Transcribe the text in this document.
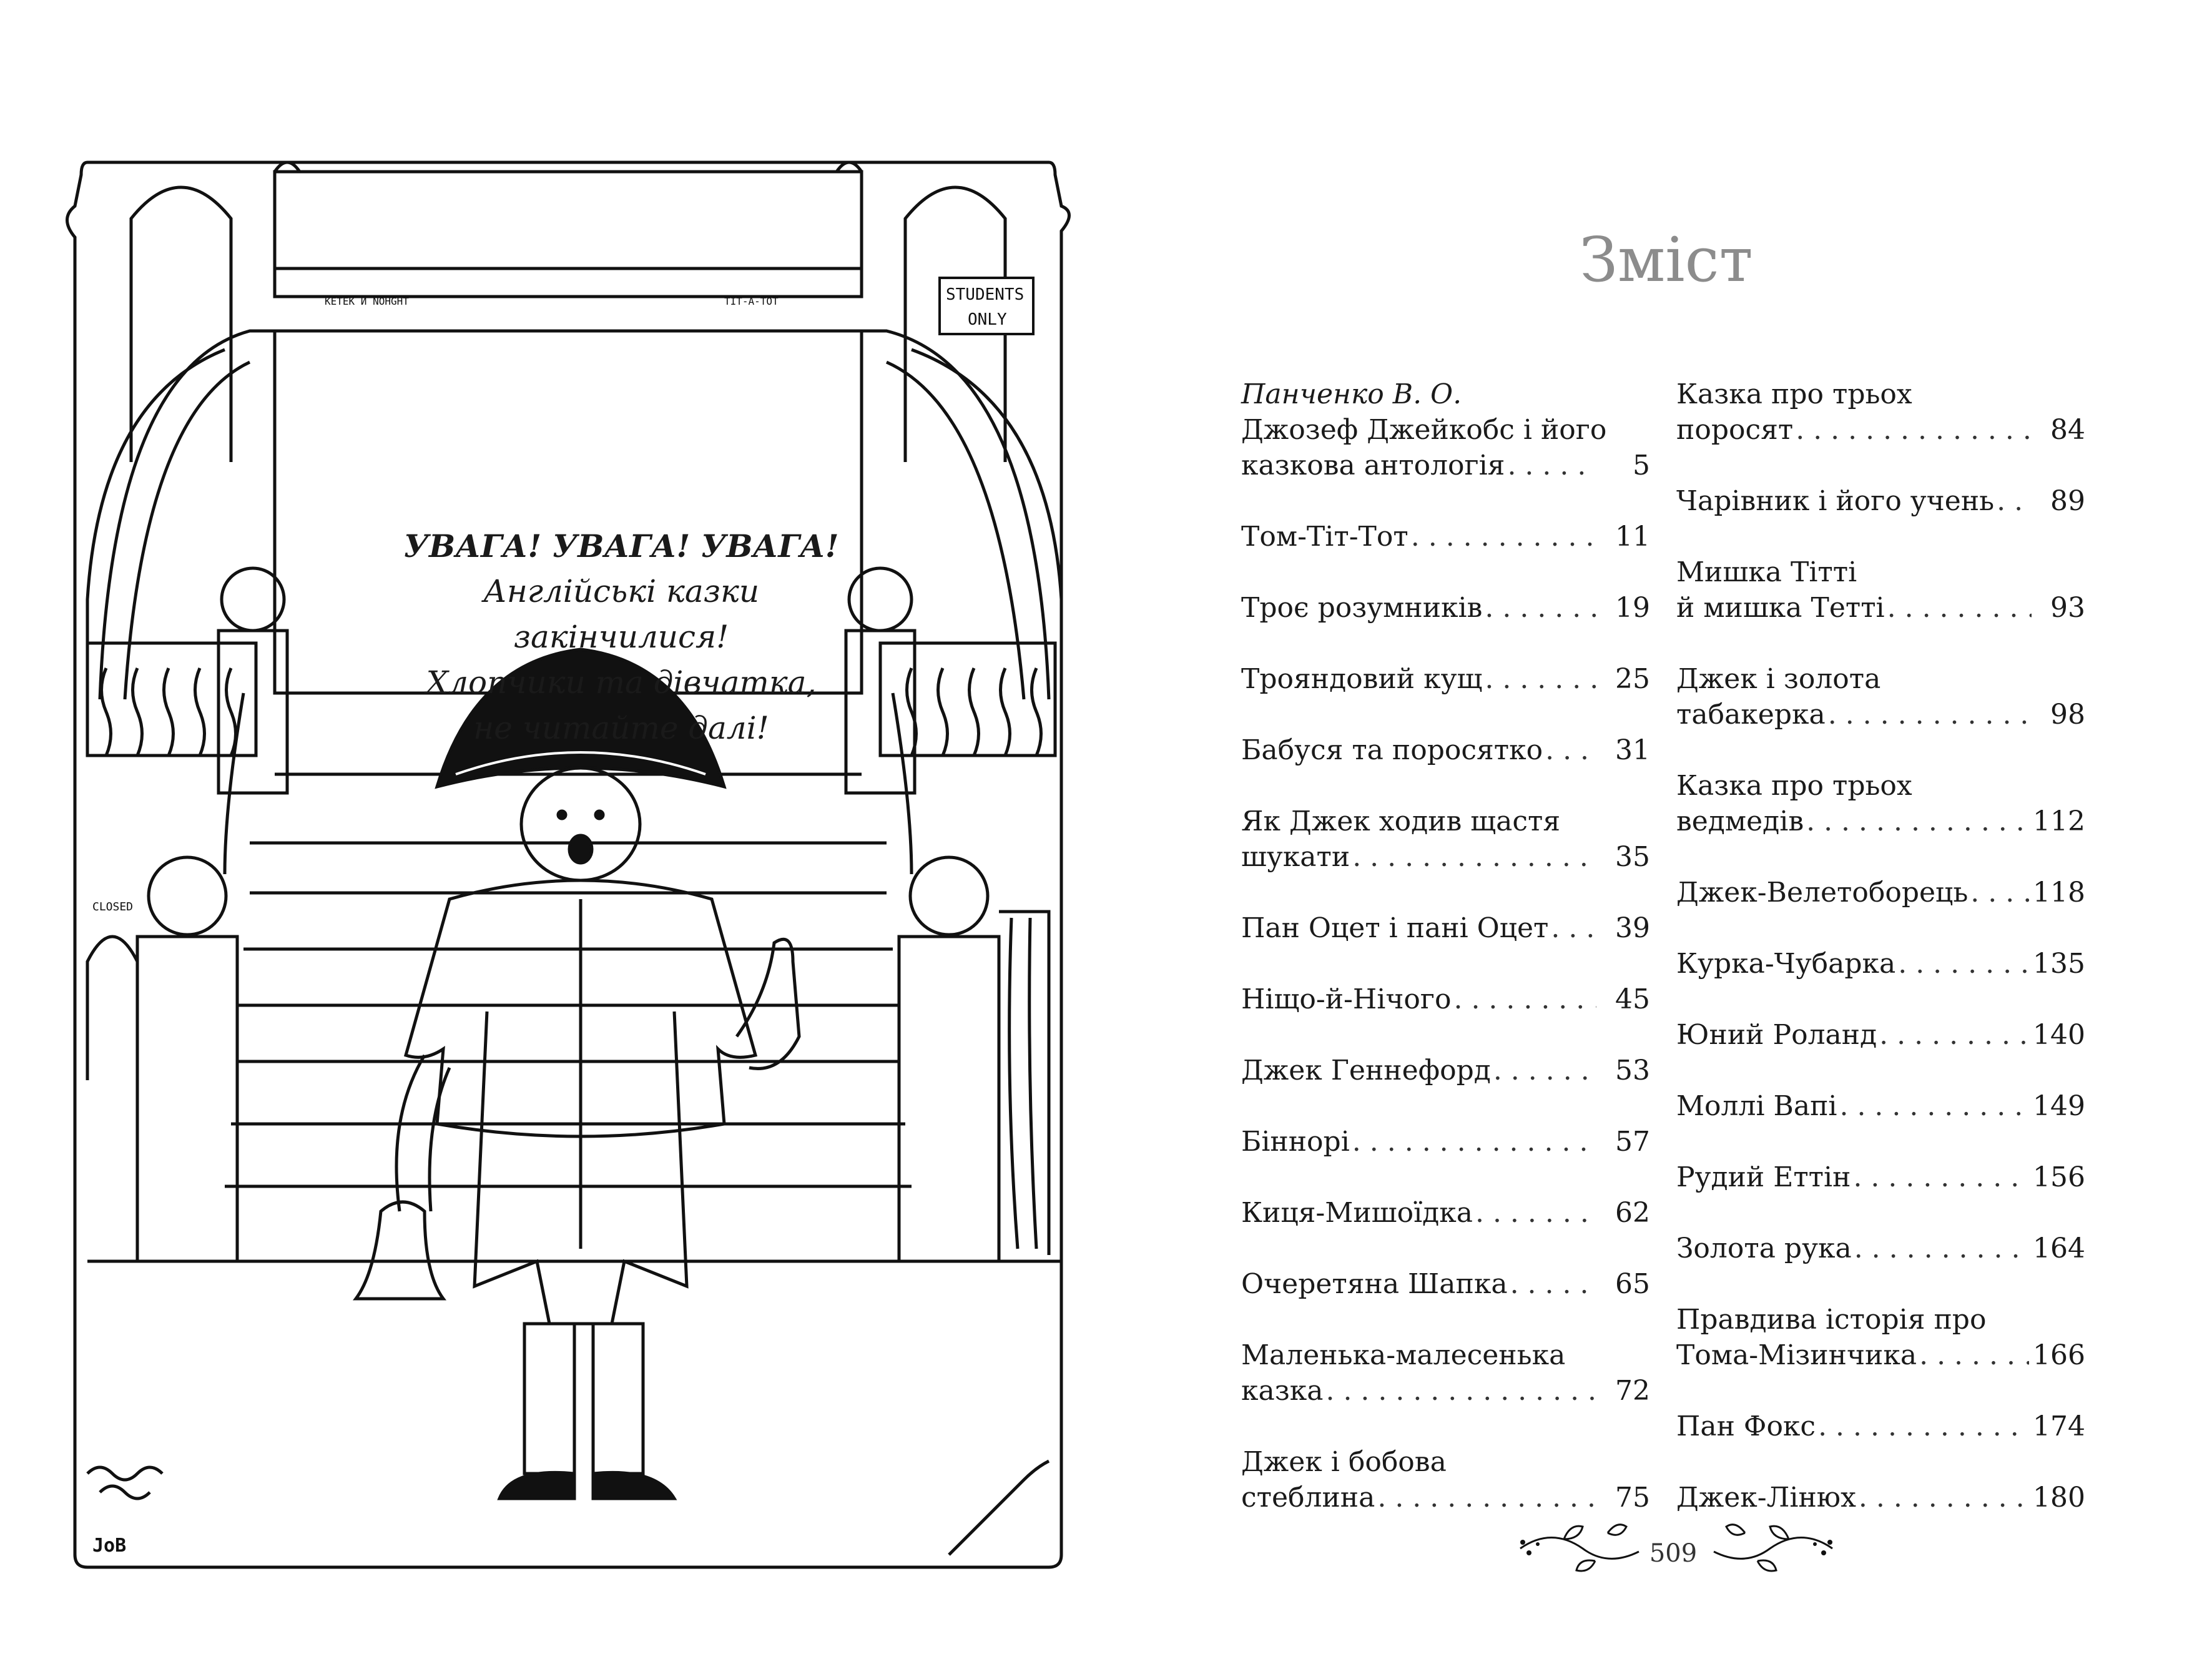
STUDENTS
ONLY
CLOSED
KETEK Й NOHGHT	TIT-A-TOT
JoB
УВАГА! УВАГА! УВАГА!
Англійські казки
закінчилися!
Хлопчики та дівчатка,
не читайте далі!
Зміст
Панченко В. О.
Джозеф Джейкобс і його
казкова антологія . . .	5
Том-Тіт-Тот . . .	11
Троє розумників . . .	19
Трояндовий кущ . . .	25
Бабуся та поросятко . . .	31
Як Джек ходив щастя
шукати . . .	35
Пан Оцет і пані Оцет . . .	39
Ніщо-й-Нічого . . .	45
Джек Геннефорд . . .	53
Біннорі . . .	57
Киця-Мишоїдка . . .	62
Очеретяна Шапка . . .	65
Маленька-малесенька
казка . . .	72
Джек і бобова
стеблина . . .	75
Казка про трьох
поросят . . .	84
Чарівник і його учень . . .	89
Мишка Тітті
й мишка Тетті . . .	93
Джек і золота
табакерка . . .	98
Казка про трьох
ведмедів . . .	112
Джек-Велетоборець . . . 118
Курка-Чубарка . . .	135
Юний Роланд . . .	140
Моллі Вапі . . .	149
Рудий Еттін . . .	156
Золота рука . . .	164
Правдива історія про
Тома-Мізинчика . . .	166
Пан Фокс . . .	174
Джек-Лінюх . . .	180
509
